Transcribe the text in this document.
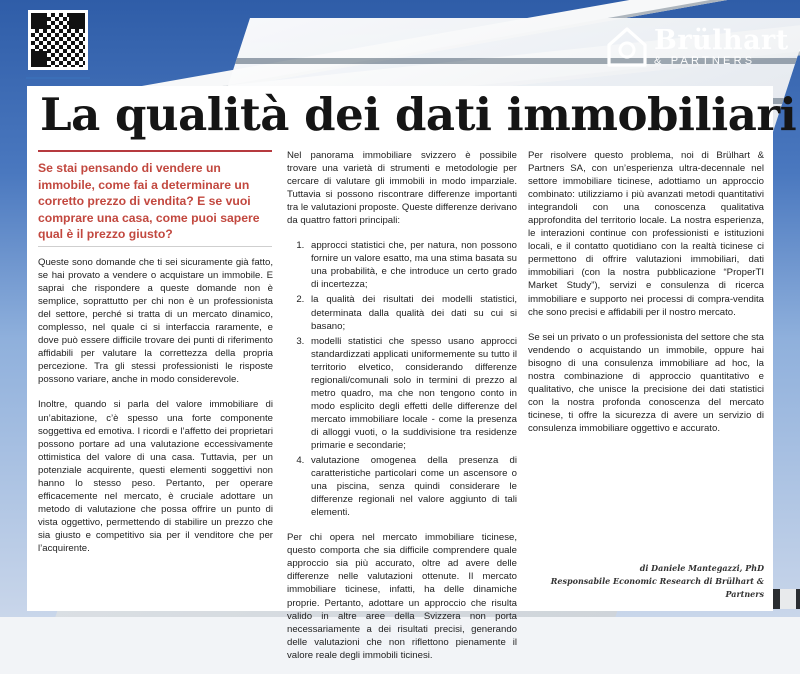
Brülhart
& PARTNERS
La qualità dei dati immobiliari

Se stai pensando di vendere un immobile, come fai a determinare un corretto prezzo di vendita? E se vuoi comprare una casa, come puoi sapere qual è il prezzo giusto?

Queste sono domande che ti sei sicuramente già fatto, se hai provato a vendere o acquistare un immobile. E saprai che rispondere a queste domande non è semplice, soprattutto per chi non è un professionista del settore, perché si tratta di un mercato dinamico, complesso, nel quale ci si interfaccia raramente, e dove può essere difficile trovare dei punti di riferimento affidabili per valutare la correttezza della propria percezione. Tra gli stessi professionisti le risposte possono variare, anche in modo considerevole.

Inoltre, quando si parla del valore immobiliare di un’abitazione, c’è spesso una forte componente soggettiva ed emotiva. I ricordi e l’affetto dei proprietari possono portare ad una valutazione eccessivamente ottimistica del valore di una casa. Tuttavia, per un potenziale acquirente, questi elementi soggettivi non hanno lo stesso peso. Pertanto, per operare efficacemente nel mercato, è cruciale adottare un metodo di valutazione che possa offrire un punto di vista oggettivo, permettendo di stabilire un prezzo che sia giusto e competitivo sia per il venditore che per l’acquirente.

Nel panorama immobiliare svizzero è possibile trovare una varietà di strumenti e metodologie per cercare di valutare gli immobili in modo imparziale. Tuttavia si possono riscontrare differenze importanti tra le valutazioni proposte. Queste differenze derivano da quattro fattori principali:

1. approcci statistici che, per natura, non possono fornire un valore esatto, ma una stima basata su una probabilità, e che introduce un certo grado di incertezza;
2. la qualità dei risultati dei modelli statistici, determinata dalla qualità dei dati su cui si basano;
3. modelli statistici che spesso usano approcci standardizzati applicati uniformemente su tutto il territorio elvetico, considerando differenze regionali/comunali solo in termini di prezzo al metro quadro, ma che non tengono conto in modo esplicito degli effetti delle differenze del mercato immobiliare locale - come la presenza di alloggi vuoti, o la suddivisione tra residenze primarie e secondarie;
4. valutazione omogenea della presenza di caratteristiche particolari come un ascensore o una piscina, senza quindi considerare le differenze regionali nel valore aggiunto di tali elementi.

Per chi opera nel mercato immobiliare ticinese, questo comporta che sia difficile comprendere quale approccio sia più accurato, oltre ad avere delle differenze nelle valutazioni ottenute. Il mercato immobiliare ticinese, infatti, ha delle dinamiche proprie. Pertanto, adottare un approccio che risulta valido in altre aree della Svizzera non porta necessariamente a dei risultati precisi, generando delle valutazioni che non riflettono pienamente il valore reale degli immobili ticinesi.

Per risolvere questo problema, noi di Brülhart & Partners SA, con un’esperienza ultra-decennale nel settore immobiliare ticinese, adottiamo un approccio combinato: utilizziamo i più avanzati metodi quantitativi integrandoli con una conoscenza qualitativa approfondita del territorio locale. La nostra esperienza, le interazioni continue con professionisti e istituzioni locali, e il contatto quotidiano con la realtà ticinese ci permettono di offrire valutazioni immobiliari, dati immobiliari (con la nostra pubblicazione “ProperTI Market Study”), servizi e consulenza di ricerca immobiliare e supporto nei processi di compra-vendita che sono precisi e affidabili per il nostro mercato.

Se sei un privato o un professionista del settore che sta vendendo o acquistando un immobile, oppure hai bisogno di una consulenza immobiliare ad hoc, la nostra combinazione di approccio quantitativo e qualitativo, che unisce la precisione dei dati statistici con la nostra profonda conoscenza del mercato ticinese, ti offre la sicurezza di avere un servizio di consulenza immobiliare oggettivo e accurato.

di Daniele Mantegazzi, PhD
Responsabile Economic Research di Brülhart & Partners
